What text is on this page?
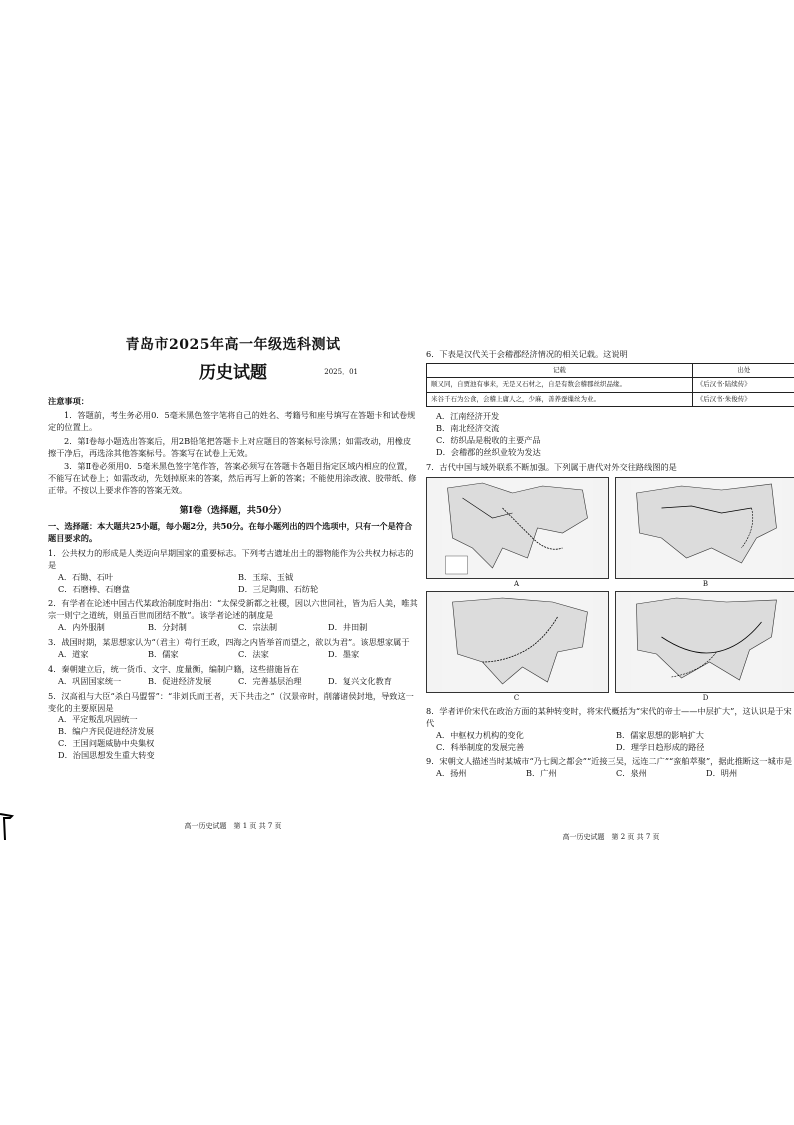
青岛市2025年高一年级选科测试
历史试题	2025．01
注意事项：
1．答题前，考生务必用0．5毫米黑色签字笔将自己的姓名、考籍号和座号填写在答题卡和试卷规定的位置上。
2．第Ⅰ卷每小题选出答案后，用2B铅笔把答题卡上对应题目的答案标号涂黑；如需改动，用橡皮擦干净后，再选涂其他答案标号。答案写在试卷上无效。
3．第Ⅱ卷必须用0．5毫米黑色签字笔作答，答案必须写在答题卡各题目指定区域内相应的位置，不能写在试卷上；如需改动，先划掉原来的答案，然后再写上新的答案；不能使用涂改液、胶带纸、修正带。不按以上要求作答的答案无效。
第Ⅰ卷（选择题，共50分）
一、选择题：本大题共25小题，每小题2分，共50分。在每小题列出的四个选项中，只有一个是符合题目要求的。
1．公共权力的形成是人类迈向早期国家的重要标志。下列考古遗址出土的器物能作为公共权力标志的是
A．石锄、石叶	B．玉琮、玉钺
C．石磨棒、石磨盘	D．三足陶鼎、石纺轮
2．有学者在论述中国古代某政治制度时指出：“太保受新都之社稷，因以六世同社，皆为后人美，唯其宗一则宁之道统，则虽百世而团结不散”。该学者论述的制度是
A．内外服制	B．分封制	C．宗法制	D．井田制
3．战国时期，某思想家认为“（君主）苟行王政，四海之内皆举首而望之，欲以为君”。该思想家属于
A．道家	B．儒家	C．法家	D．墨家
4．秦朝建立后，统一货币、文字、度量衡，编制户籍，这些措施旨在
A．巩固国家统一	B．促进经济发展	C．完善基层治理	D．复兴文化教育
5．汉高祖与大臣“杀白马盟誓”：“非刘氏而王者，天下共击之”（汉景帝时，削藩诸侯封地，导致这一变化的主要原因是
A．平定叛乱巩固统一
B．编户齐民促进经济发展
C．王国问题威胁中央集权
D．治国思想发生重大转变
高一历史试题　第 1 页 共 7 页
6．下表是汉代关于会稽郡经济情况的相关记载。这说明
记载	出处
顺又同，自贾池有事来，无是又石材之，自是有数会稽郡丝织品缘。	《后汉书·陆续传》
米谷千石为公食，会稽上庸人之，少麻，善养蚕缫丝为业。	《后汉书·朱俊传》
A．江南经济开发
B．南北经济交流
C．纺织品是税收的主要产品
D．会稽郡的丝织业较为发达
7．古代中国与域外联系不断加强。下列属于唐代对外交往路线图的是
A	B
C	D
8．学者评价宋代在政治方面的某种转变时，将宋代概括为“宋代的帝士——中层扩大”，这认识是于宋代
A．中枢权力机构的变化	B．儒家思想的影响扩大
C．科举制度的发展完善	D．理学日趋形成的路径
9．宋朝文人描述当时某城市“乃七闽之都会”“近接三吴，远连二广”“蛮舶萃聚”，据此推断这一城市是
A．扬州	B．广州	C．泉州	D．明州
高一历史试题　第 2 页 共 7 页
